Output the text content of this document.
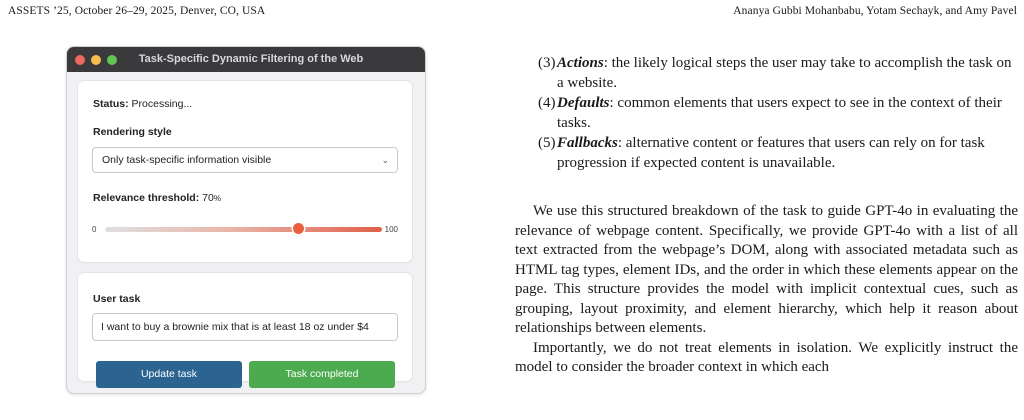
ASSETS ’25, October 26–29, 2025, Denver, CO, USA	Ananya Gubbi Mohanbabu, Yotam Sechayk, and Amy Pavel
Task-Specific Dynamic Filtering of the Web
Status: Processing...
Rendering style
Only task-specific information visible	⌄
Relevance threshold: 70%
0	100
User task
I want to buy a brownie mix that is at least 18 oz under $4
Update task	Task completed
(3) Actions: the likely logical steps the user may take to accomplish the task on a website.
(4) Defaults: common elements that users expect to see in the context of their tasks.
(5) Fallbacks: alternative content or features that users can rely on for task progression if expected content is unavailable.

We use this structured breakdown of the task to guide GPT-4o in evaluating the relevance of webpage content. Specifically, we provide GPT-4o with a list of all text extracted from the webpage’s DOM, along with associated metadata such as HTML tag types, element IDs, and the order in which these elements appear on the page. This structure provides the model with implicit contextual cues, such as grouping, layout proximity, and element hierarchy, which help it reason about relationships between elements.

Importantly, we do not treat elements in isolation. We explicitly instruct the model to consider the broader context in which each
